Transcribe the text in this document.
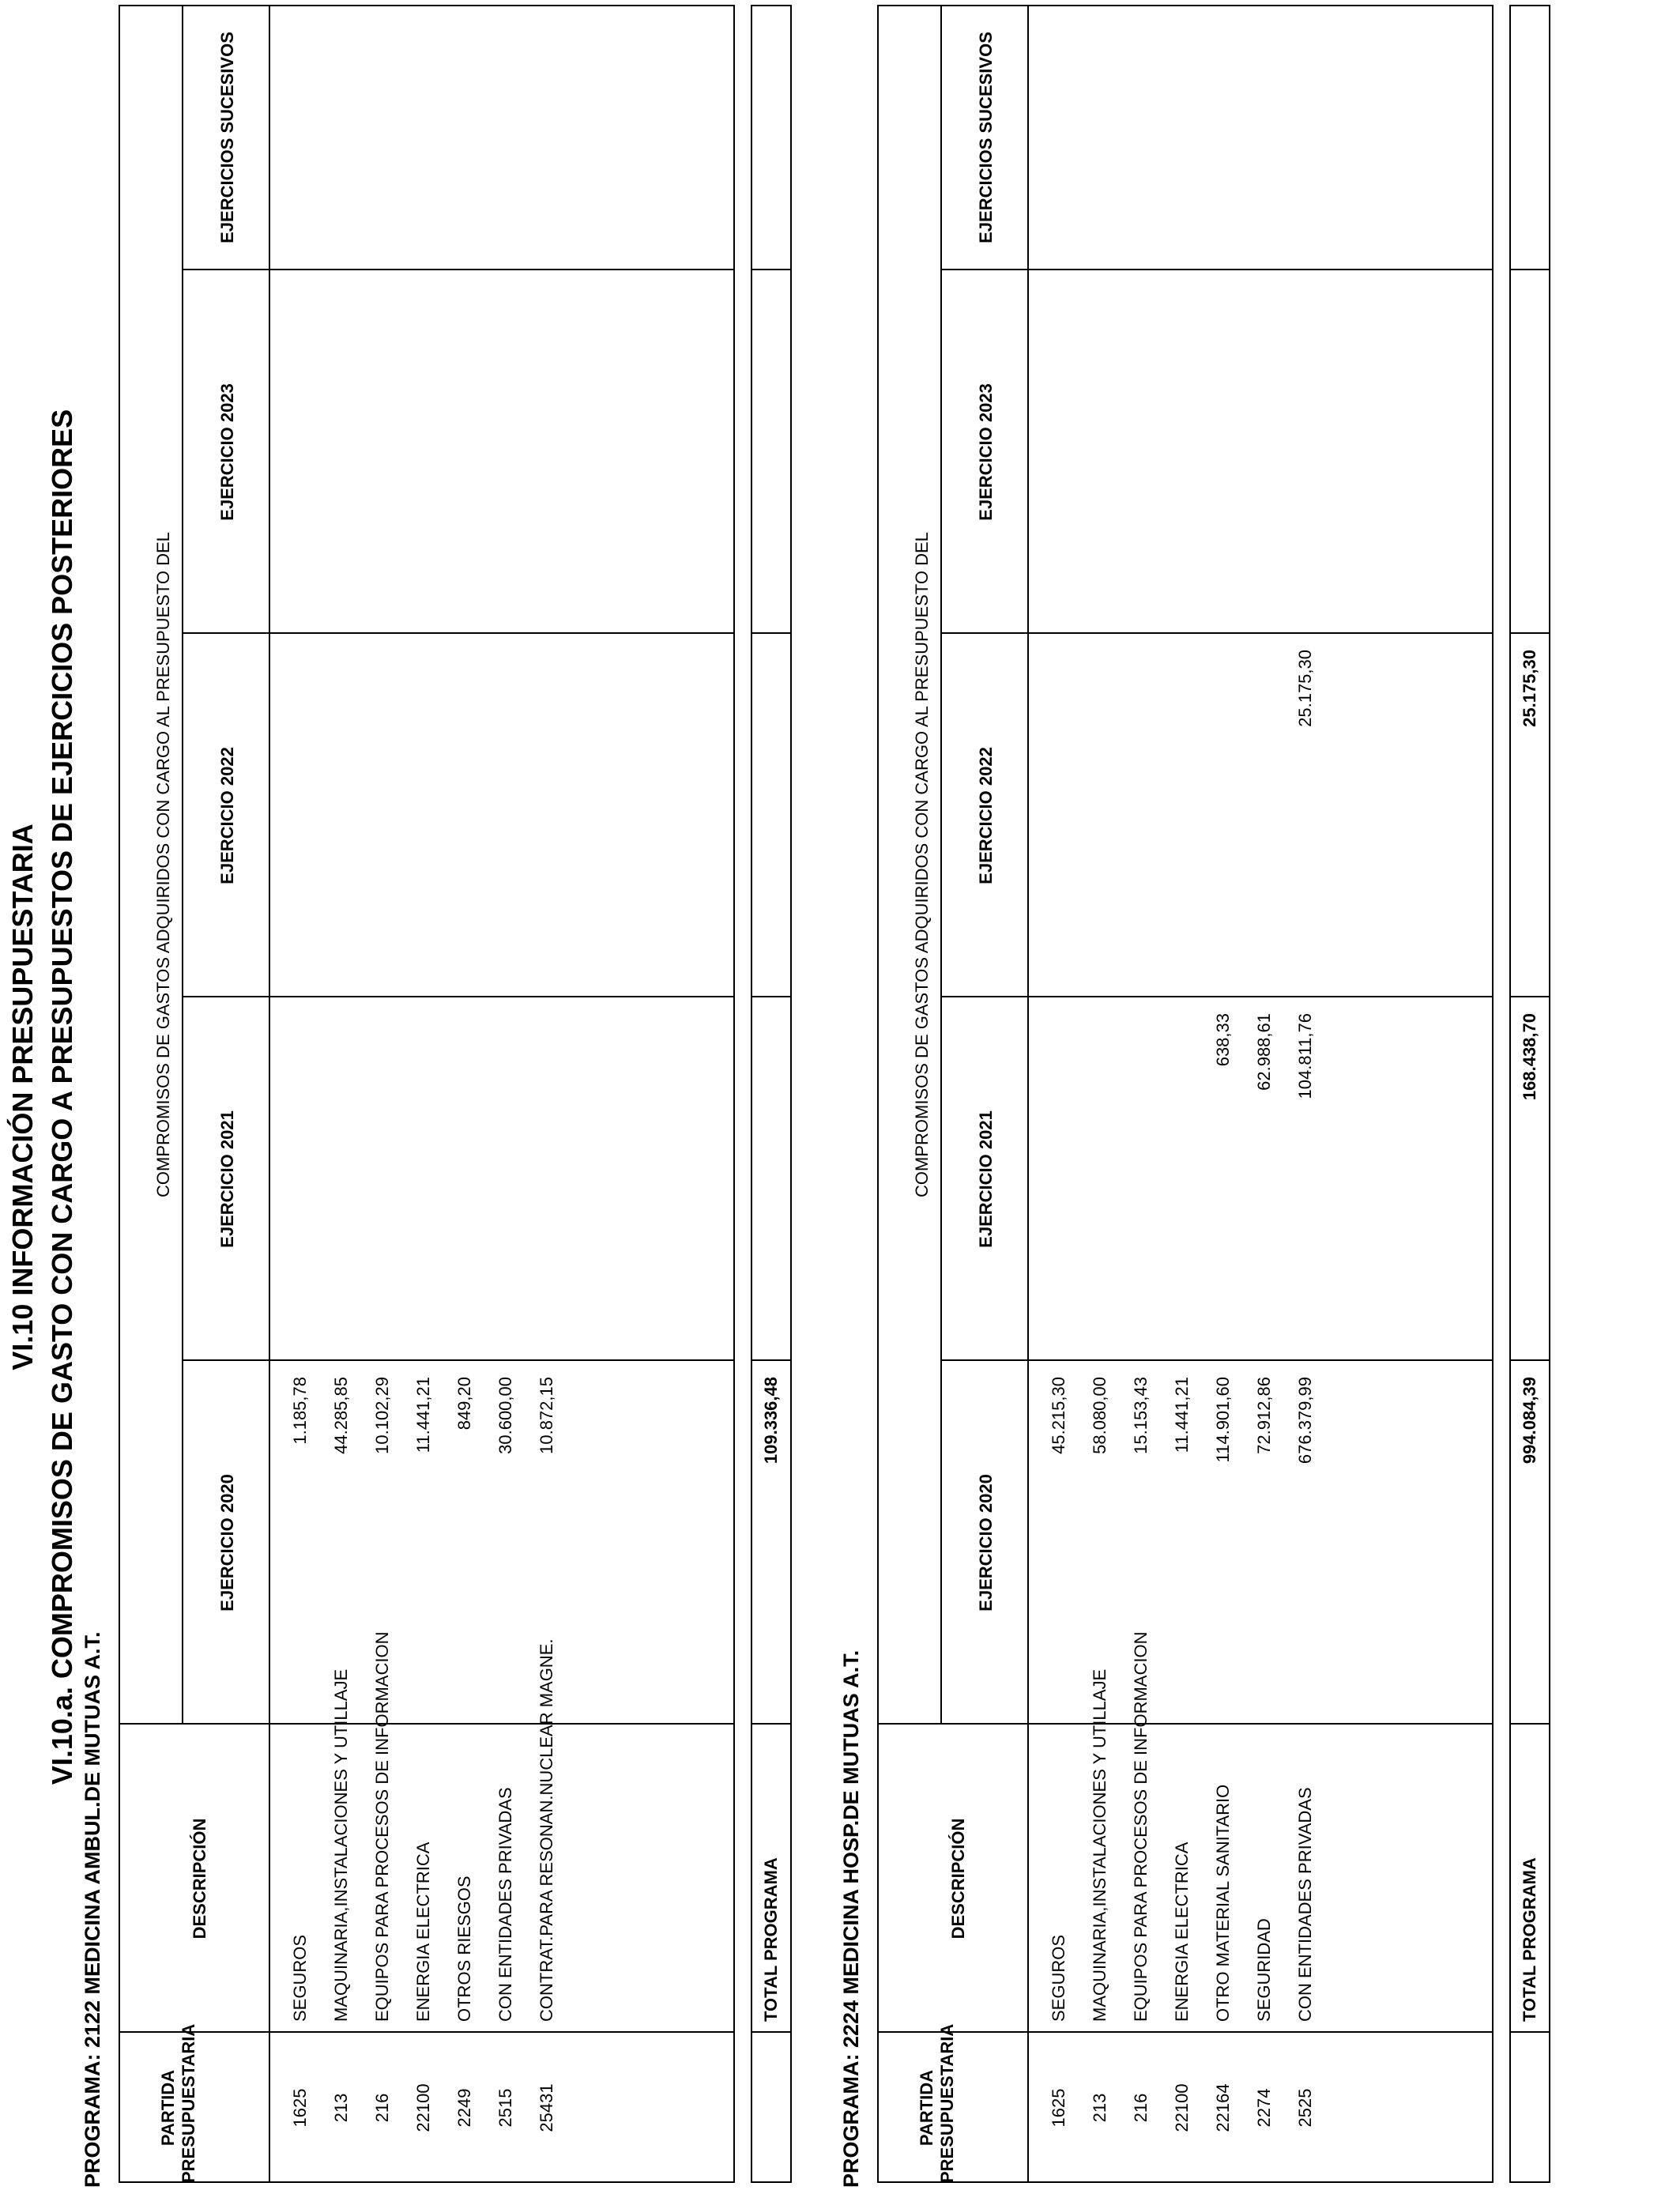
VI.10 INFORMACIÓN PRESUPUESTARIA VI.10.a. COMPROMISOS DE GASTO CON CARGO A PRESUPUESTOS DE EJERCICIOS POSTERIORES
PARTIDA PRESUPUESTARIA
DESCRIPCIÓN
COMPROMISOS DE GASTOS ADQUIRIDOS CON CARGO AL PRESUPUESTO DEL
EJERCICIO 2020
EJERCICIO 2021
EJERCICIO 2022
EJERCICIO 2023
EJERCICIOS SUCESIVOS
1625
SEGUROS
1.185,78
213
MAQUINARIA,INSTALACIONES Y UTILLAJE
44.285,85
216
EQUIPOS PARA PROCESOS DE INFORMACION
10.102,29
22100
ENERGIA ELECTRICA
11.441,21
2249
OTROS RIESGOS
849,20
2515
CON ENTIDADES PRIVADAS
30.600,00
25431
CONTRAT.PARA RESONAN.NUCLEAR MAGNE.
10.872,15
TOTAL PROGRAMA
109.336,48
PARTIDA PRESUPUESTARIA
DESCRIPCIÓN
COMPROMISOS DE GASTOS ADQUIRIDOS CON CARGO AL PRESUPUESTO DEL
EJERCICIO 2020
EJERCICIO 2021
EJERCICIO 2022
EJERCICIO 2023
EJERCICIOS SUCESIVOS
1625
SEGUROS
45.215,30
213
MAQUINARIA,INSTALACIONES Y UTILLAJE
58.080,00
216
EQUIPOS PARA PROCESOS DE INFORMACION
15.153,43
22100
ENERGIA ELECTRICA
11.441,21
22164
OTRO MATERIAL SANITARIO
114.901,60
638,33
2274
SEGURIDAD
72.912,86
62.988,61
2525
CON ENTIDADES PRIVADAS
676.379,99
104.811,76
25.175,30
TOTAL PROGRAMA
994.084,39
168.438,70
25.175,30
PROGRAMA: 2122 MEDICINA AMBUL.DE MUTUAS A.T.	PROGRAMA: 2224 MEDICINA HOSP.DE MUTUAS A.T.
